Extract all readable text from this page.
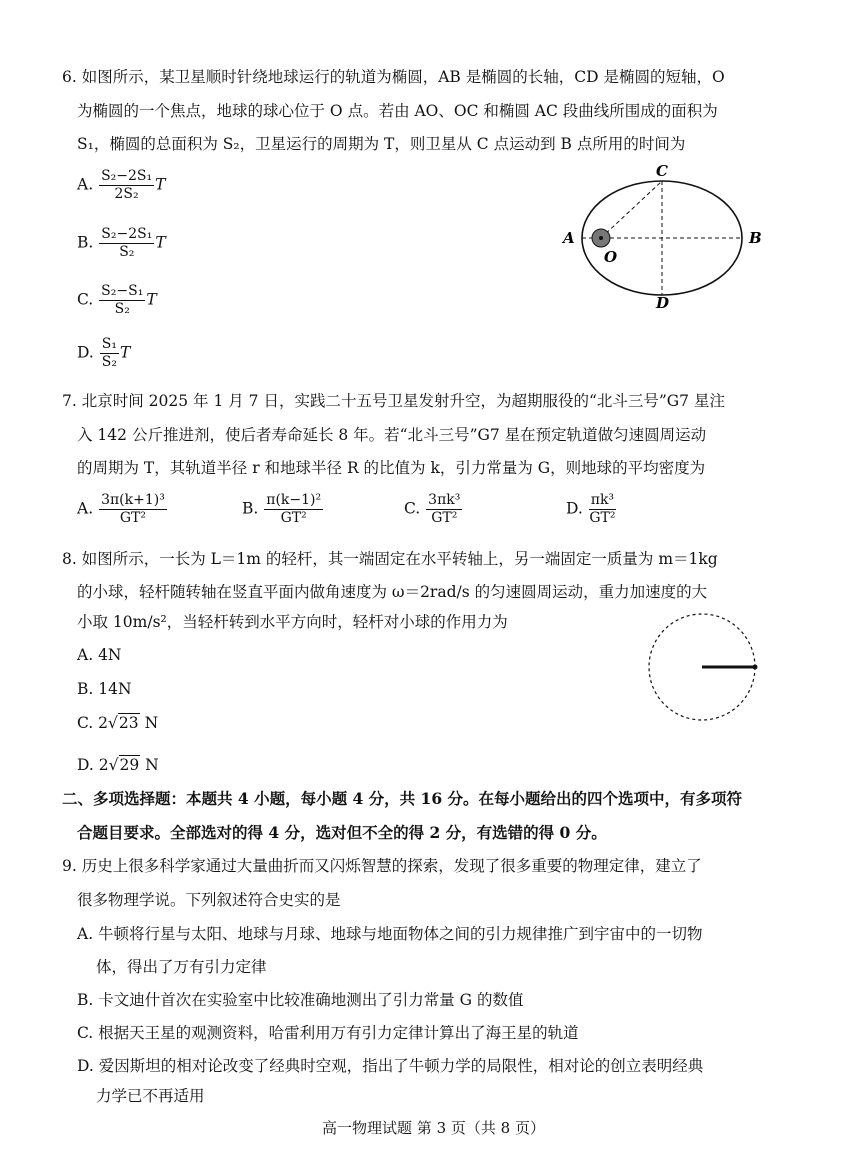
6. 如图所示，某卫星顺时针绕地球运行的轨道为椭圆，AB 是椭圆的长轴，CD 是椭圆的短轴，O
为椭圆的一个焦点，地球的球心位于 O 点。若由 AO、OC 和椭圆 AC 段曲线所围成的面积为
S₁，椭圆的总面积为 S₂，卫星运行的周期为 T，则卫星从 C 点运动到 B 点所用的时间为
A. $\frac{\text{S₂−2S₁}}{\text{2S₂}}$ T
B. $\frac{\text{S₂−2S₁}}{\text{S₂}}$ T
C. $\frac{\text{S₂−S₁}}{\text{S₂}}$ T
D. $\frac{\text{S₁}}{\text{S₂}}$ T
A	B
C
D
O
7. 北京时间 2025 年 1 月 7 日，实践二十五号卫星发射升空，为超期服役的“北斗三号”G7 星注
入 142 公斤推进剂，使后者寿命延长 8 年。若“北斗三号”G7 星在预定轨道做匀速圆周运动
的周期为 T，其轨道半径 r 和地球半径 R 的比值为 k，引力常量为 G，则地球的平均密度为
A. $\frac{\text{3π(k+1)³}}{\text{GT²}}$	B. $\frac{\text{π(k−1)²}}{\text{GT²}}$	C. $\frac{\text{3πk³}}{\text{GT²}}$	D. $\frac{\text{πk³}}{\text{GT²}}$
8. 如图所示，一长为 L＝1m 的轻杆，其一端固定在水平转轴上，另一端固定一质量为 m＝1kg
的小球，轻杆随转轴在竖直平面内做角速度为 ω＝2rad/s 的匀速圆周运动，重力加速度的大
小取 10m/s²，当轻杆转到水平方向时，轻杆对小球的作用力为
A. 4N
B. 14N
C. 2√23 N
D. 2√29 N
二、多项选择题：本题共 4 小题，每小题 4 分，共 16 分。在每小题给出的四个选项中，有多项符
合题目要求。全部选对的得 4 分，选对但不全的得 2 分，有选错的得 0 分。
9. 历史上很多科学家通过大量曲折而又闪烁智慧的探索，发现了很多重要的物理定律，建立了
很多物理学说。下列叙述符合史实的是
A. 牛顿将行星与太阳、地球与月球、地球与地面物体之间的引力规律推广到宇宙中的一切物
体，得出了万有引力定律
B. 卡文迪什首次在实验室中比较准确地测出了引力常量 G 的数值
C. 根据天王星的观测资料，哈雷利用万有引力定律计算出了海王星的轨道
D. 爱因斯坦的相对论改变了经典时空观，指出了牛顿力学的局限性，相对论的创立表明经典
力学已不再适用
高一物理试题 第 3 页（共 8 页）
